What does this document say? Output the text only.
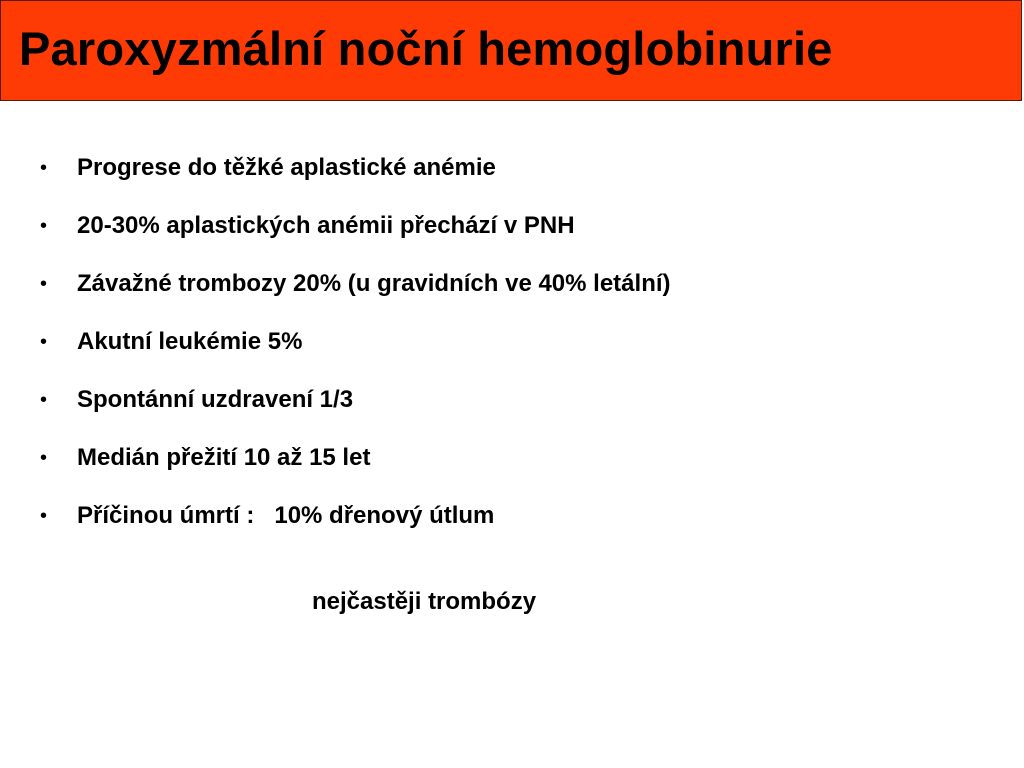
Paroxyzmální noční hemoglobinurie
• Progrese do těžké aplastické anémie
• 20-30% aplastických anémii přechází v PNH
• Závažné trombozy 20% (u gravidních ve 40% letální)
• Akutní leukémie 5%
• Spontánní uzdravení 1/3
• Medián přežití 10 až 15 let
• Příčinou úmrtí :   10% dřenový útlum
nejčastěji trombózy
